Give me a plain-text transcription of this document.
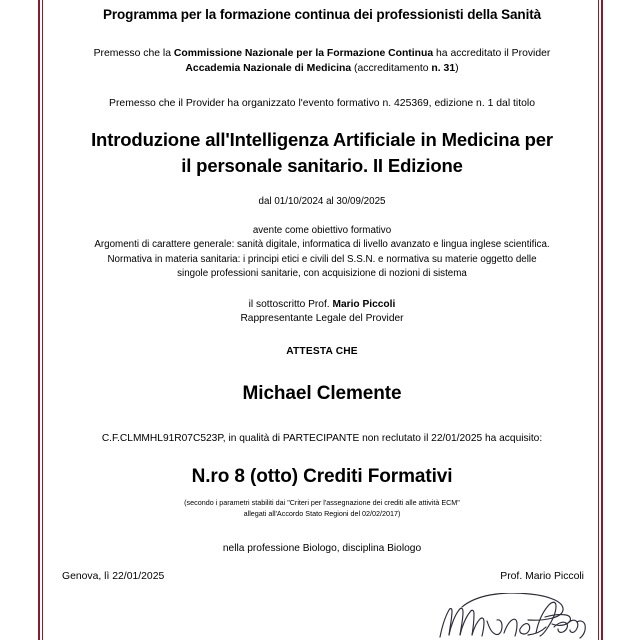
Programma per la formazione continua dei professionisti della Sanità
Premesso che la Commissione Nazionale per la Formazione Continua ha accreditato il Provider
Accademia Nazionale di Medicina (accreditamento n. 31)
Premesso che il Provider ha organizzato l'evento formativo n. 425369, edizione n. 1 dal titolo
Introduzione all'Intelligenza Artificiale in Medicina per
il personale sanitario. II Edizione
dal 01/10/2024 al 30/09/2025
avente come obiettivo formativo
Argomenti di carattere generale: sanità digitale, informatica di livello avanzato e lingua inglese scientifica.
Normativa in materia sanitaria: i principi etici e civili del S.S.N. e normativa su materie oggetto delle
singole professioni sanitarie, con acquisizione di nozioni di sistema
il sottoscritto Prof. Mario Piccoli
Rappresentante Legale del Provider
ATTESTA CHE
Michael Clemente
C.F.CLMMHL91R07C523P, in qualità di PARTECIPANTE non reclutato il 22/01/2025 ha acquisito:
N.ro 8 (otto) Crediti Formativi
(secondo i parametri stabiliti dai "Criteri per l'assegnazione dei crediti alle attività ECM"
allegati all'Accordo Stato Regioni del 02/02/2017)
nella professione Biologo, disciplina Biologo
Genova, lì 22/01/2025	Prof. Mario Piccoli
